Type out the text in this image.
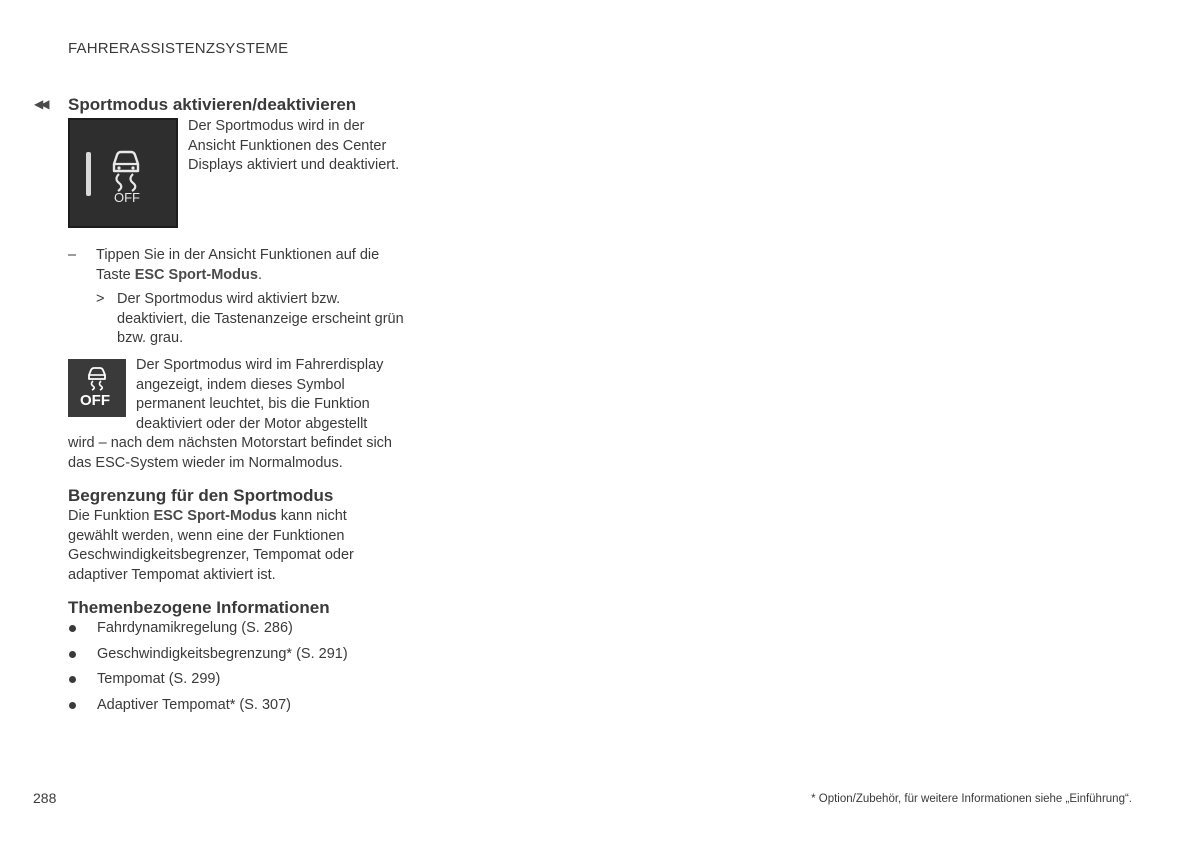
FAHRERASSISTENZSYSTEME
◀◀ Sportmodus aktivieren/deaktivieren
OFF
Der Sportmodus wird in der Ansicht Funktionen des Center Displays aktiviert und deaktiviert.
– Tippen Sie in der Ansicht Funktionen auf die Taste ESC Sport-Modus.
> Der Sportmodus wird aktiviert bzw. deaktiviert, die Tastenanzeige erscheint grün bzw. grau.
OFF
Der Sportmodus wird im Fahrerdisplay angezeigt, indem dieses Symbol permanent leuchtet, bis die Funktion deaktiviert oder der Motor abgestellt
wird – nach dem nächsten Motorstart befindet sich das ESC-System wieder im Normalmodus.
Begrenzung für den Sportmodus
Die Funktion ESC Sport-Modus kann nicht gewählt werden, wenn eine der Funktionen Geschwindigkeitsbegrenzer, Tempomat oder adaptiver Tempomat aktiviert ist.
Themenbezogene Informationen
Fahrdynamikregelung (S. 286)
Geschwindigkeitsbegrenzung* (S. 291)
Tempomat (S. 299)
Adaptiver Tempomat* (S. 307)
288	* Option/Zubehör, für weitere Informationen siehe „Einführung“.
